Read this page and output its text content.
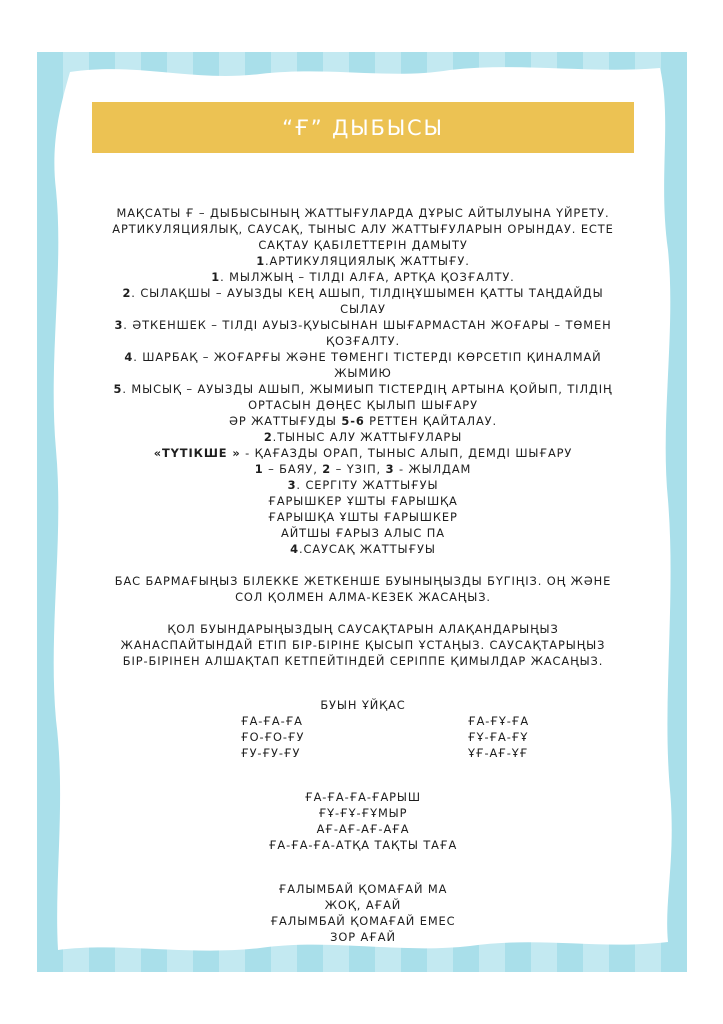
“Ғ” ДЫБЫСЫ

МАҚСАТЫ Ғ – ДЫБЫСЫНЫҢ ЖАТТЫҒУЛАРДА ДҰРЫС АЙТЫЛУЫНА ҮЙРЕТУ.

АРТИКУЛЯЦИЯЛЫҚ, САУСАҚ, ТЫНЫС АЛУ ЖАТТЫҒУЛАРЫН ОРЫНДАУ. ЕСТЕ

САҚТАУ ҚАБІЛЕТТЕРІН ДАМЫТУ

1.АРТИКУЛЯЦИЯЛЫҚ ЖАТТЫҒУ.

1. МЫЛЖЫҢ – ТІЛДІ АЛҒА, АРТҚА ҚОЗҒАЛТУ.

2. СЫЛАҚШЫ – АУЫЗДЫ КЕҢ АШЫП, ТІЛДІҢҰШЫМЕН ҚАТТЫ ТАҢДАЙДЫ

СЫЛАУ

3. ӘТКЕНШЕК – ТІЛДІ АУЫЗ-ҚУЫСЫНАН ШЫҒАРМАСТАН ЖОҒАРЫ – ТӨМЕН

ҚОЗҒАЛТУ.

4. ШАРБАҚ – ЖОҒАРҒЫ ЖӘНЕ ТӨМЕНГІ ТІСТЕРДІ КӨРСЕТІП ҚИНАЛМАЙ

ЖЫМИЮ

5. МЫСЫҚ – АУЫЗДЫ АШЫП, ЖЫМИЫП ТІСТЕРДІҢ АРТЫНА ҚОЙЫП, ТІЛДІҢ

ОРТАСЫН ДӨҢЕС ҚЫЛЫП ШЫҒАРУ

ӘР ЖАТТЫҒУДЫ 5-6 РЕТТЕН ҚАЙТАЛАУ.

2.ТЫНЫС АЛУ ЖАТТЫҒУЛАРЫ

«ТҮТІКШЕ » - ҚАҒАЗДЫ ОРАП, ТЫНЫС АЛЫП, ДЕМДІ ШЫҒАРУ

1 – БАЯУ, 2 – ҮЗІП, 3 - ЖЫЛДАМ

3. СЕРГІТУ ЖАТТЫҒУЫ

ҒАРЫШКЕР ҰШТЫ ҒАРЫШҚА

ҒАРЫШҚА ҰШТЫ ҒАРЫШКЕР

АЙТШЫ ҒАРЫЗ АЛЫС ПА

4.САУСАҚ ЖАТТЫҒУЫ

БАС БАРМАҒЫҢЫЗ БІЛЕККЕ ЖЕТКЕНШЕ БУЫНЫҢЫЗДЫ БҮГІҢІЗ. ОҢ ЖӘНЕ

СОЛ ҚОЛМЕН АЛМА-КЕЗЕК ЖАСАҢЫЗ.

ҚОЛ БУЫНДАРЫҢЫЗДЫҢ САУСАҚТАРЫН АЛАҚАНДАРЫҢЫЗ

ЖАНАСПАЙТЫНДАЙ ЕТІП БІР-БІРІНЕ ҚЫСЫП ҰСТАҢЫЗ. САУСАҚТАРЫҢЫЗ

БІР-БІРІНЕН АЛШАҚТАП КЕТПЕЙТІНДЕЙ СЕРІППЕ ҚИМЫЛДАР ЖАСАҢЫЗ.

БУЫН ҰЙҚАС

ҒА-ҒА-ҒА	ҒА-ҒҰ-ҒА
ҒО-ҒО-ҒУ	ҒҰ-ҒА-ҒҰ
ҒУ-ҒУ-ҒУ	ҰҒ-АҒ-ҰҒ

ҒА-ҒА-ҒА-ҒАРЫШ

ҒҰ-ҒҰ-ҒҰМЫР

АҒ-АҒ-АҒ-АҒА

ҒА-ҒА-ҒА-АТҚА ТАҚТЫ ТАҒА

ҒАЛЫМБАЙ ҚОМАҒАЙ МА

ЖОҚ, АҒАЙ

ҒАЛЫМБАЙ ҚОМАҒАЙ ЕМЕС

ЗОР АҒАЙ
